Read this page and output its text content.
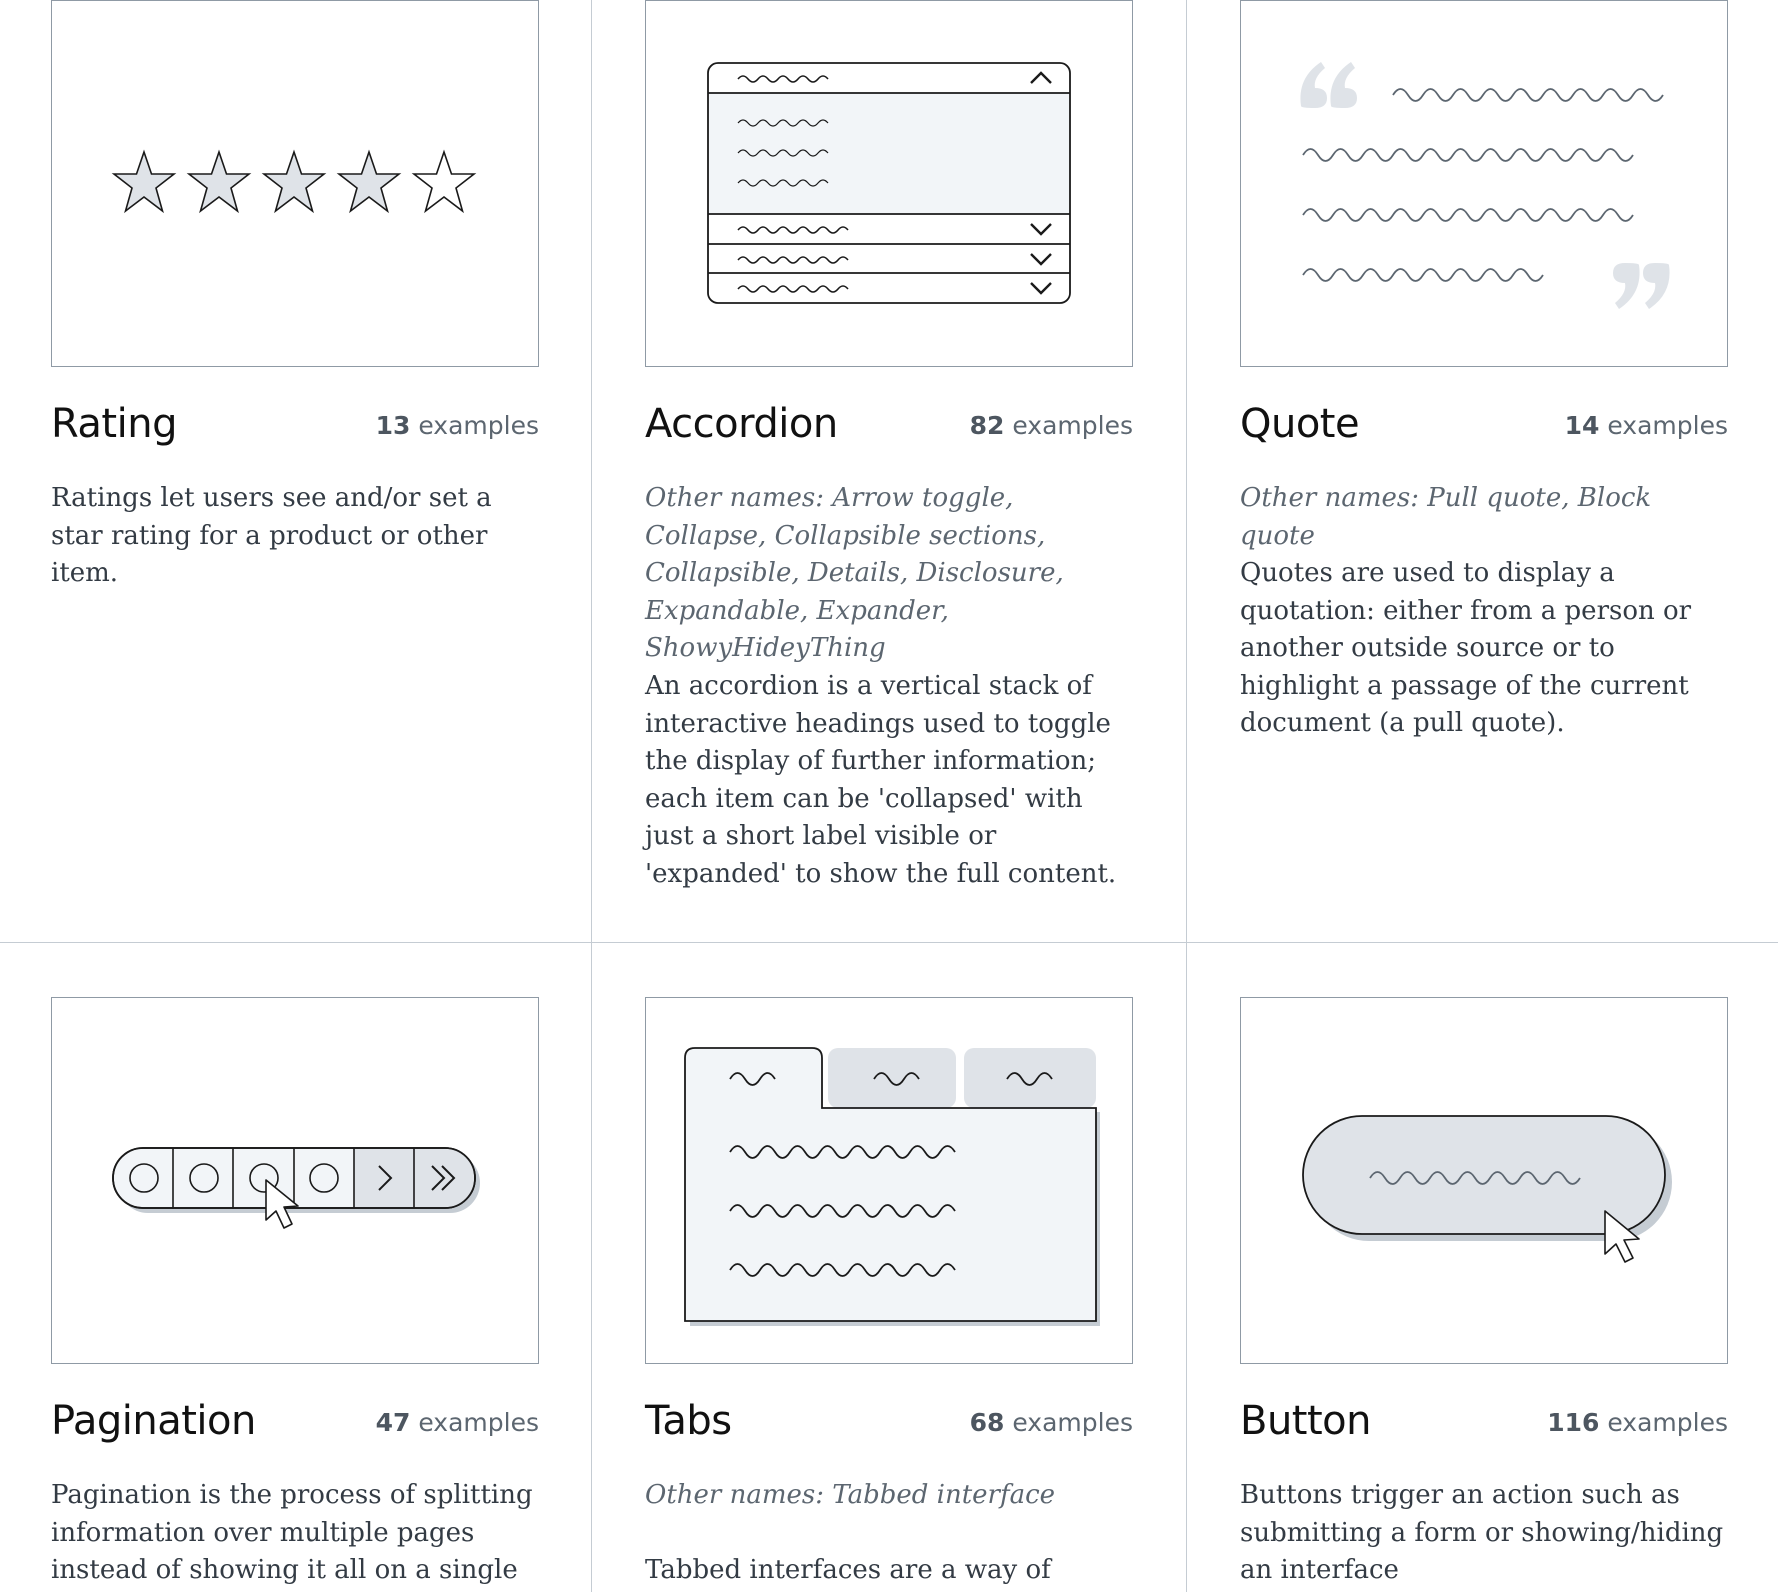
Rating	13 examples
Ratings let users see and/or set a star rating for a product or other item.
Accordion	82 examples
Other names: Arrow toggle, Collapse, Collapsible sections, Collapsible, Details, Disclosure, Expandable, Expander, ShowyHideyThing
An accordion is a vertical stack of interactive headings used to toggle the display of further information; each item can be 'collapsed' with just a short label visible or 'expanded' to show the full content.
Quote	14 examples
Other names: Pull quote, Block quote
Quotes are used to display a quotation: either from a person or another outside source or to highlight a passage of the current document (a pull quote).
Pagination	47 examples
Pagination is the process of splitting information over multiple pages instead of showing it all on a single
Tabs	68 examples
Other names: Tabbed interface
Tabbed interfaces are a way of
Button	116 examples
Buttons trigger an action such as submitting a form or showing/hiding an interface
